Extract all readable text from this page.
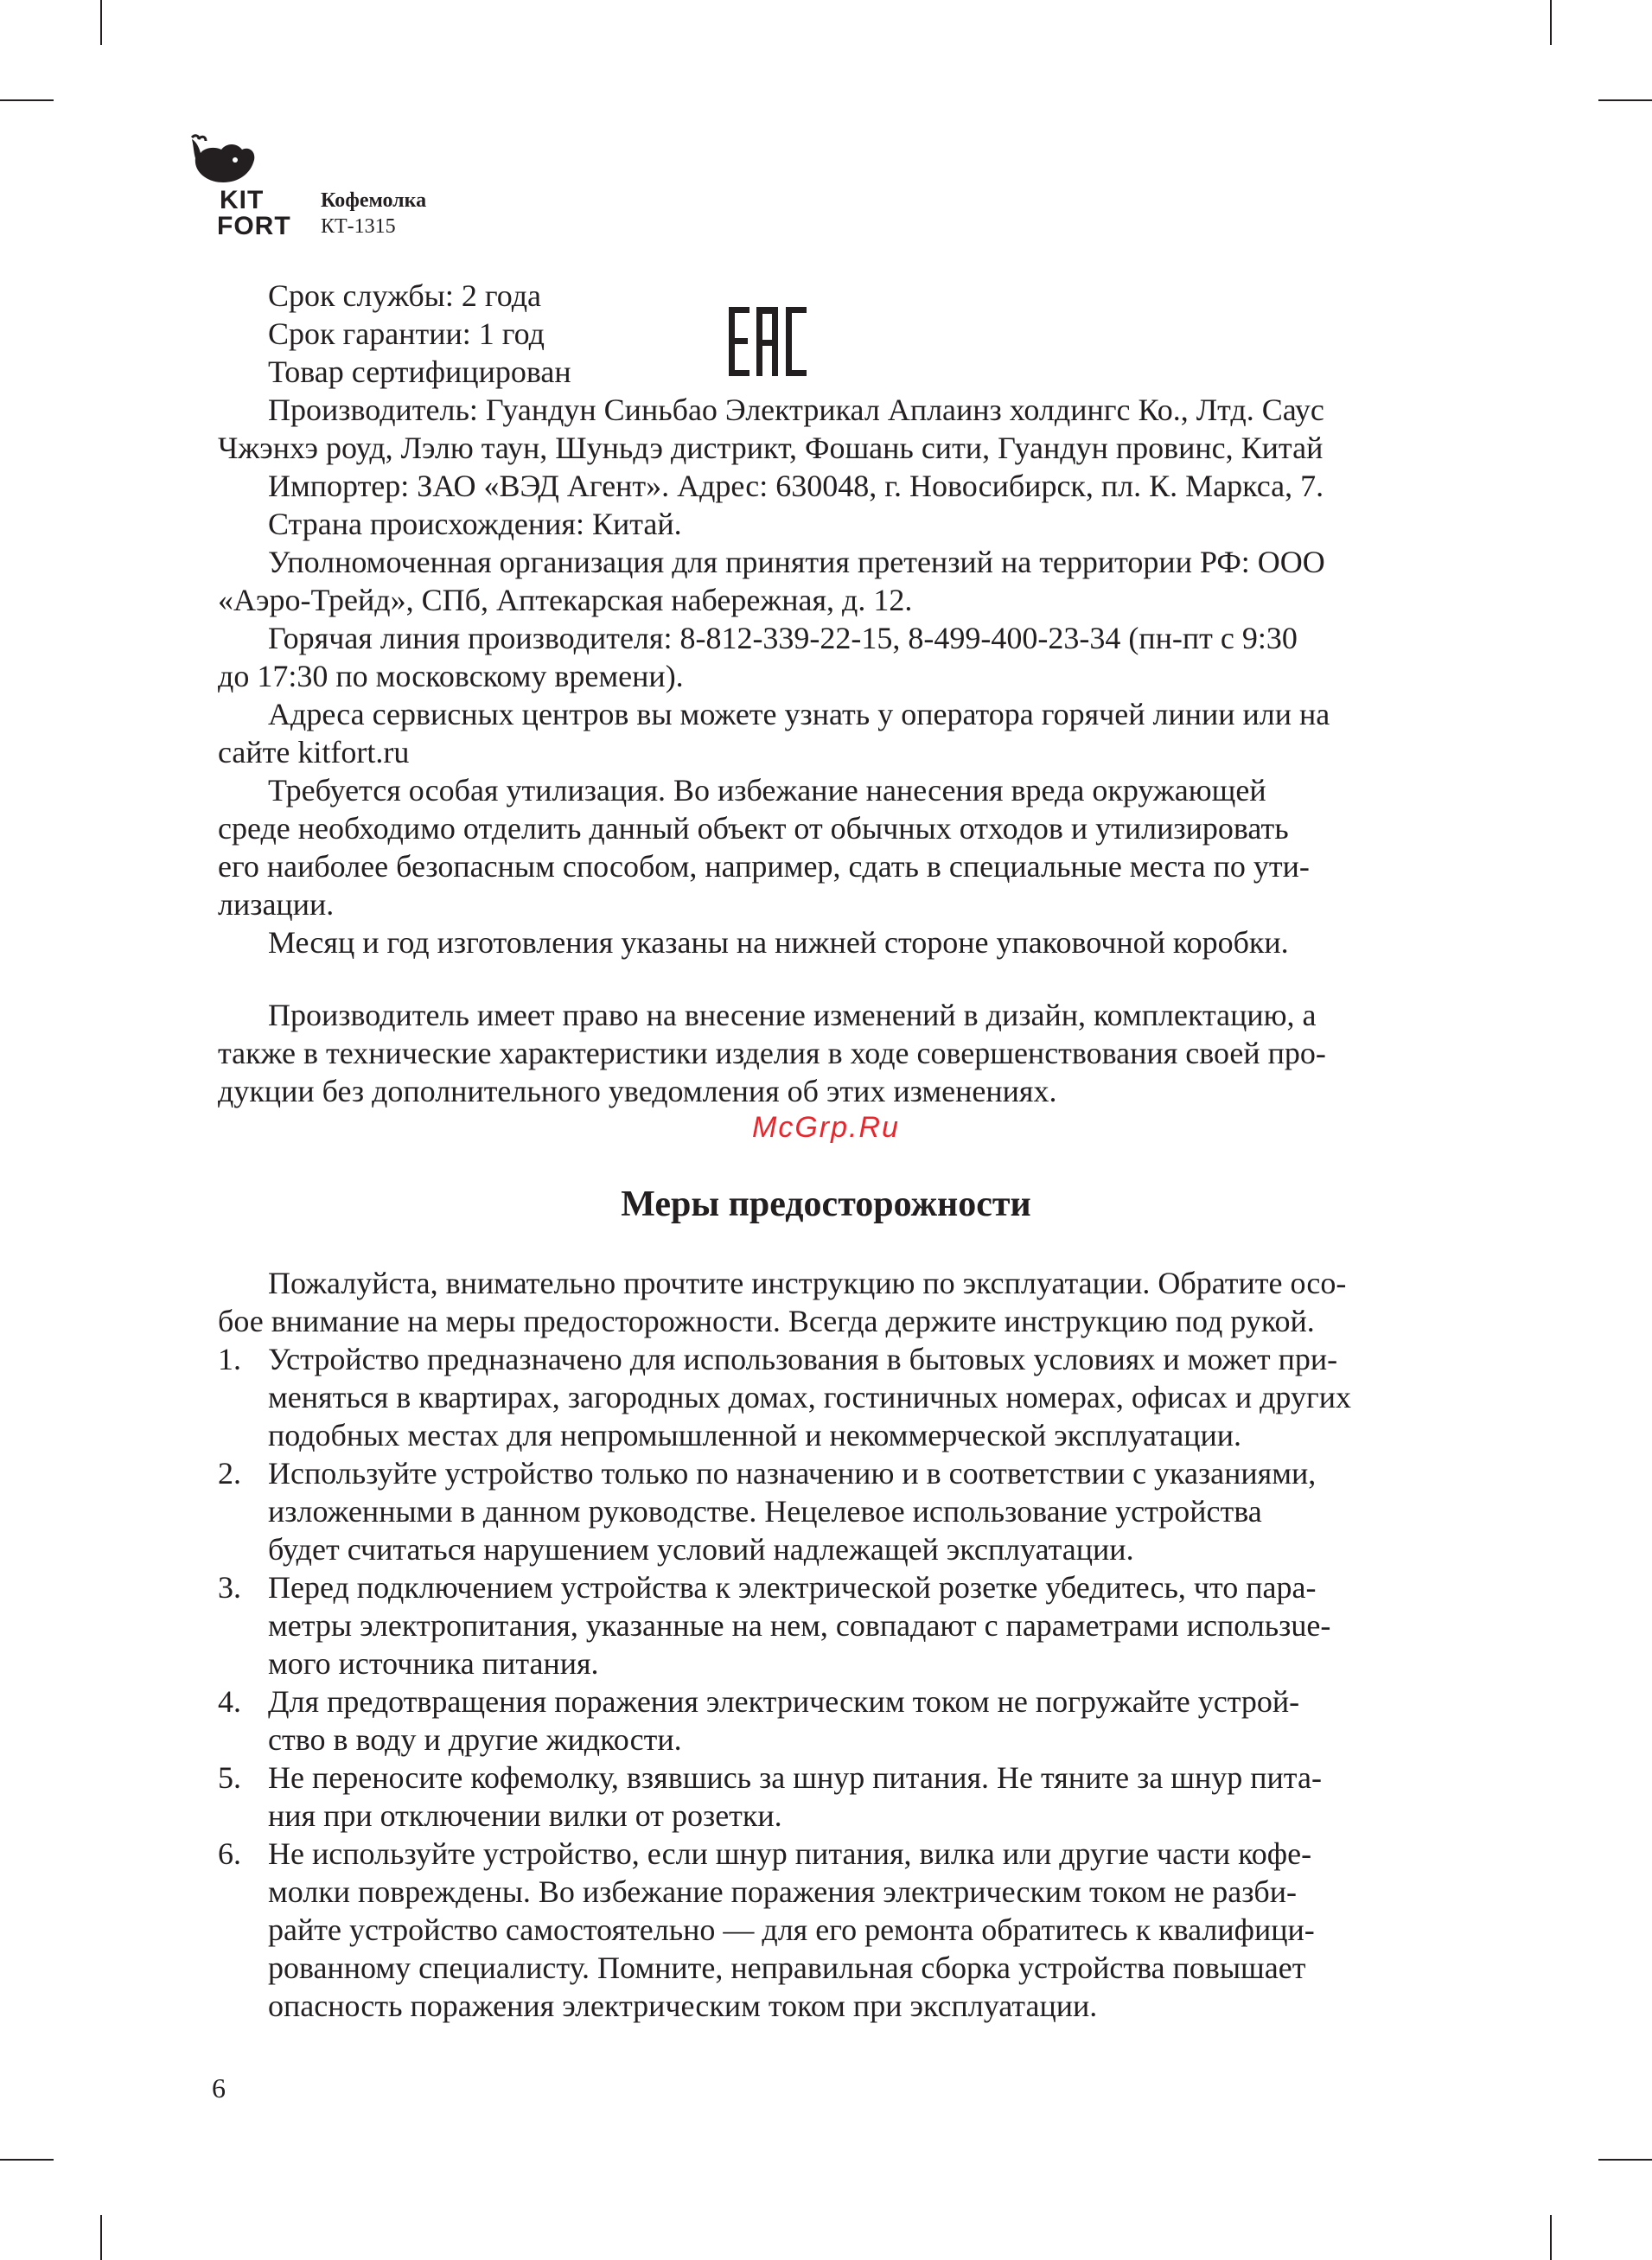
KIT
FORT
Кофемолка
КТ-1315
Срок службы: 2 года
Срок гарантии: 1 год
Товар сертифицирован
Производитель: Гуандун Синьбао Электрикал Аплаинз холдингс Ко., Лтд. Саус
Чжэнхэ роуд, Лэлю таун, Шуньдэ дистрикт, Фошань сити, Гуандун провинс, Китай
Импортер: ЗАО «ВЭД Агент». Адрес: 630048, г. Новосибирск, пл. К. Маркса, 7.
Страна происхождения: Китай.
Уполномоченная организация для принятия претензий на территории РФ: ООО
«Аэро-Трейд», СПб, Аптекарская набережная, д. 12.
Горячая линия производителя: 8-812-339-22-15, 8-499-400-23-34 (пн-пт с 9:30
до 17:30 по московскому времени).
Адреса сервисных центров вы можете узнать у оператора горячей линии или на
сайте kitfort.ru
Требуется особая утилизация. Во избежание нанесения вреда окружающей
среде необходимо отделить данный объект от обычных отходов и утилизировать
его наиболее безопасным способом, например, сдать в специальные места по ути-
лизации.
Месяц и год изготовления указаны на нижней стороне упаковочной коробки.
Производитель имеет право на внесение изменений в дизайн, комплектацию, а
также в технические характеристики изделия в ходе совершенствования своей про-
дукции без дополнительного уведомления об этих изменениях.
McGrp.Ru
Меры предосторожности
Пожалуйста, внимательно прочтите инструкцию по эксплуатации. Обратите осо-
бое внимание на меры предосторожности. Всегда держите инструкцию под рукой.
1. Устройство предназначено для использования в бытовых условиях и может при-
меняться в квартирах, загородных домах, гостиничных номерах, офисах и других
подобных местах для непромышленной и некоммерческой эксплуатации.
2. Используйте устройство только по назначению и в соответствии с указаниями,
изложенными в данном руководстве. Нецелевое использование устройства
будет считаться нарушением условий надлежащей эксплуатации.
3. Перед подключением устройства к электрической розетке убедитесь, что пара-
метры электропитания, указанные на нем, совпадают с параметрами использue-
мого источника питания.
4. Для предотвращения поражения электрическим током не погружайте устрой-
ство в воду и другие жидкости.
5. Не переносите кофемолку, взявшись за шнур питания. Не тяните за шнур пита-
ния при отключении вилки от розетки.
6. Не используйте устройство, если шнур питания, вилка или другие части кофе-
молки повреждены. Во избежание поражения электрическим током не разби-
райте устройство самостоятельно — для его ремонта обратитесь к квалифици-
рованному специалисту. Помните, неправильная сборка устройства повышает
опасность поражения электрическим током при эксплуатации.
6
